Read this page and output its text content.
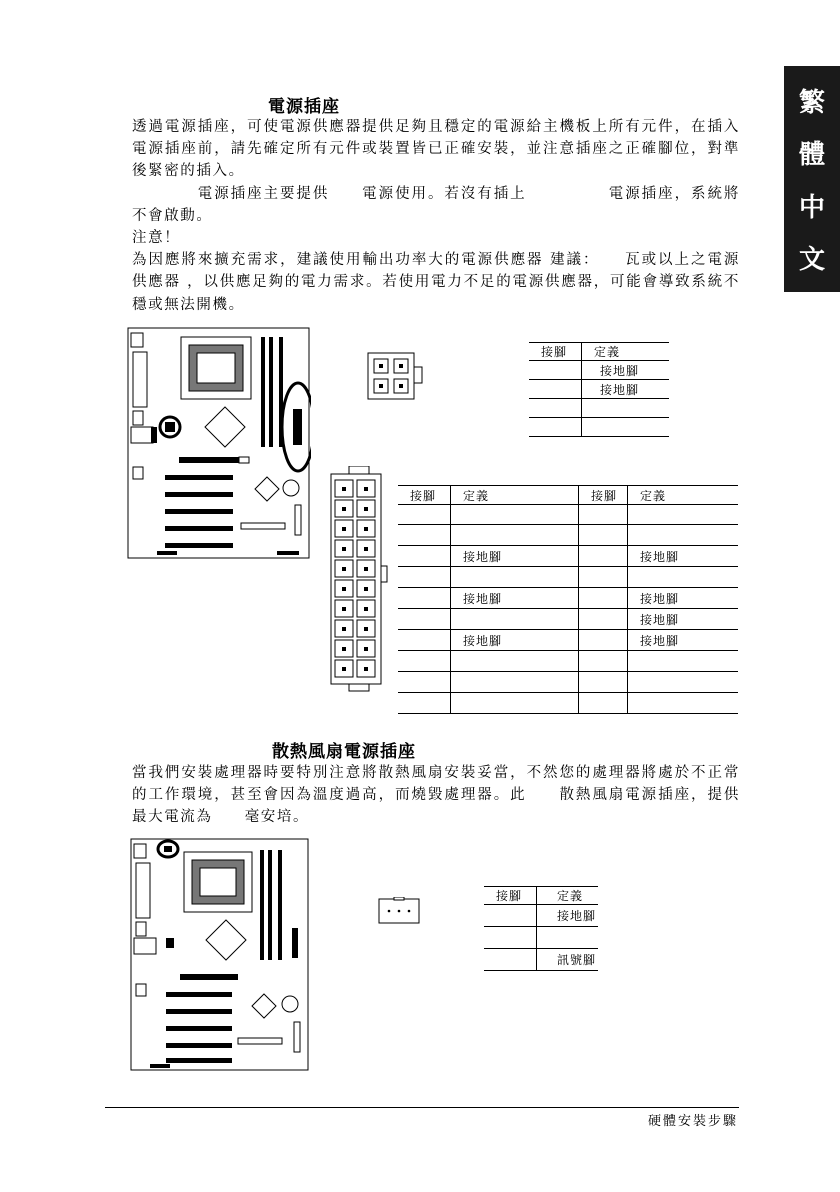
繁
體
中
文
電源插座

透過電源插座，可使電源供應器提供足夠且穩定的電源給主機板上所有元件，在插入電源插座前，請先確定所有元件或裝置皆已正確安裝，並注意插座之正確腳位，對準後緊密的插入。

　　　　電源插座主要提供　　電源使用。若沒有插上　　　　　電源插座，系統將不會啟動。

注意！

為因應將來擴充需求，建議使用輸出功率大的電源供應器 建議：　　瓦或以上之電源供應器 ，以供應足夠的電力需求。若使用電力不足的電源供應器，可能會導致系統不穩或無法開機。

接腳	定義
	接地腳
	接地腳

接腳	定義	接腳	定義

	接地腳		接地腳

	接地腳		接地腳
			接地腳
	接地腳		接地腳

散熱風扇電源插座

當我們安裝處理器時要特別注意將散熱風扇安裝妥當，不然您的處理器將處於不正常的工作環境，甚至會因為溫度過高，而燒毀處理器。此　　散熱風扇電源插座，提供最大電流為　　毫安培。

接腳	定義
	接地腳

	訊號腳
硬體安裝步驟
